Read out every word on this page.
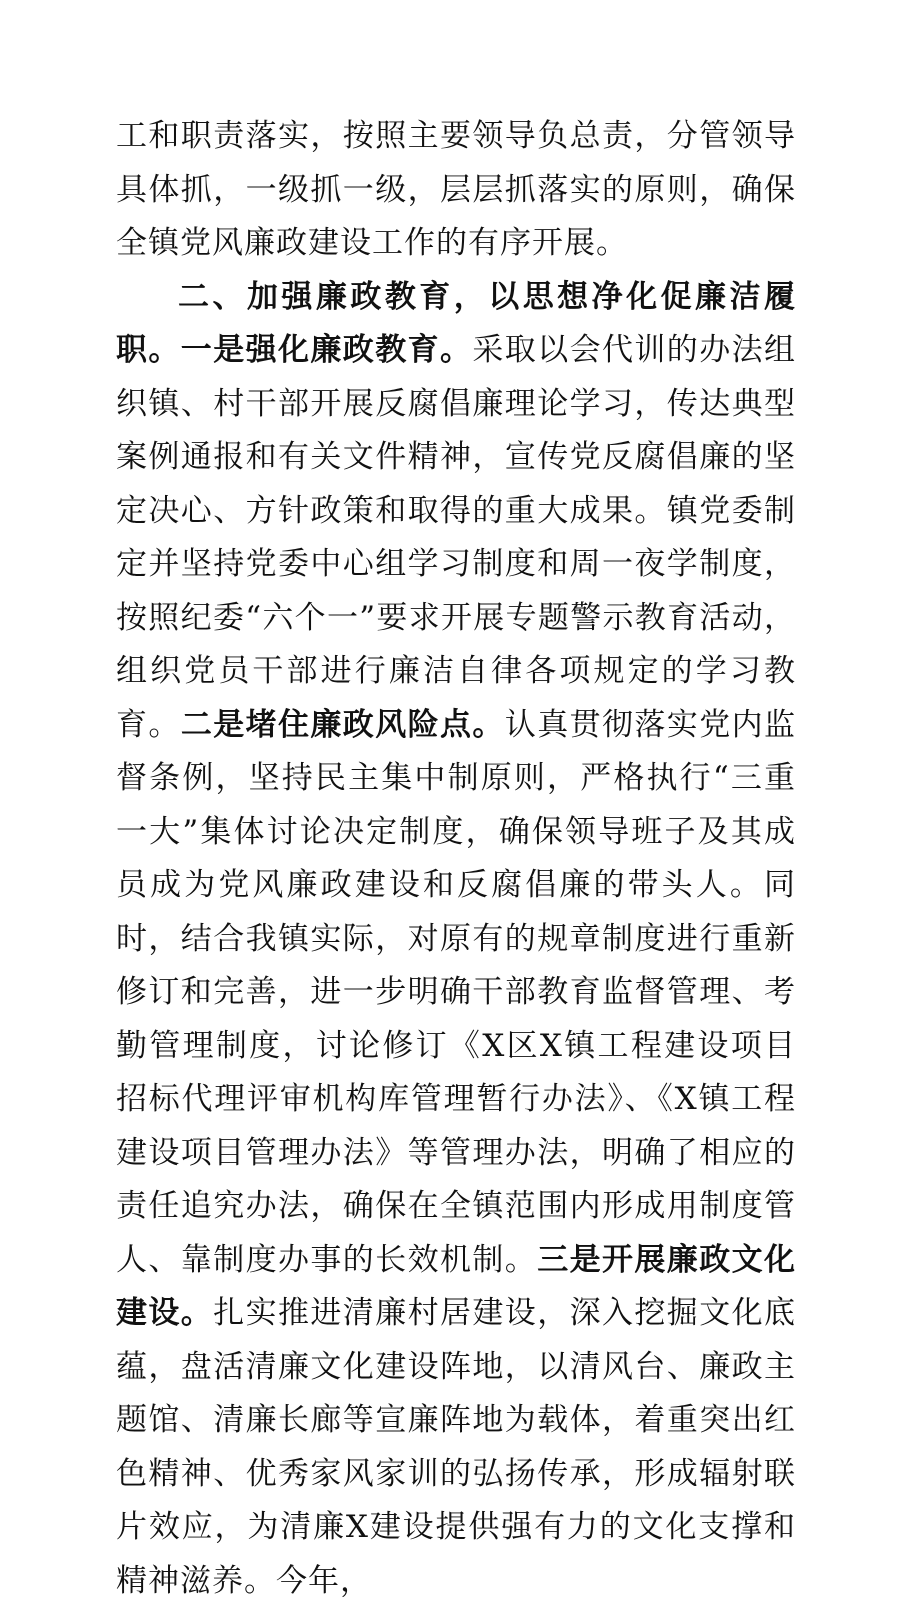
工和职责落实，按照主要领导负总责，分管领导具体抓，一级抓一级，层层抓落实的原则，确保全镇党风廉政建设工作的有序开展。

二、加强廉政教育，以思想净化促廉洁履职。一是强化廉政教育。采取以会代训的办法组织镇、村干部开展反腐倡廉理论学习，传达典型案例通报和有关文件精神，宣传党反腐倡廉的坚定决心、方针政策和取得的重大成果。镇党委制定并坚持党委中心组学习制度和周一夜学制度，按照纪委“六个一”要求开展专题警示教育活动，组织党员干部进行廉洁自律各项规定的学习教育。二是堵住廉政风险点。认真贯彻落实党内监督条例，坚持民主集中制原则，严格执行“三重一大”集体讨论决定制度，确保领导班子及其成员成为党风廉政建设和反腐倡廉的带头人。同时，结合我镇实际，对原有的规章制度进行重新修订和完善，进一步明确干部教育监督管理、考勤管理制度，讨论修订《X区X镇工程建设项目招标代理评审机构库管理暂行办法》、《X镇工程建设项目管理办法》等管理办法，明确了相应的责任追究办法，确保在全镇范围内形成用制度管人、靠制度办事的长效机制。三是开展廉政文化建设。扎实推进清廉村居建设，深入挖掘文化底蕴，盘活清廉文化建设阵地，以清风台、廉政主题馆、清廉长廊等宣廉阵地为载体，着重突出红色精神、优秀家风家训的弘扬传承，形成辐射联片效应，为清廉X建设提供强有力的文化支撑和精神滋养。今年，
